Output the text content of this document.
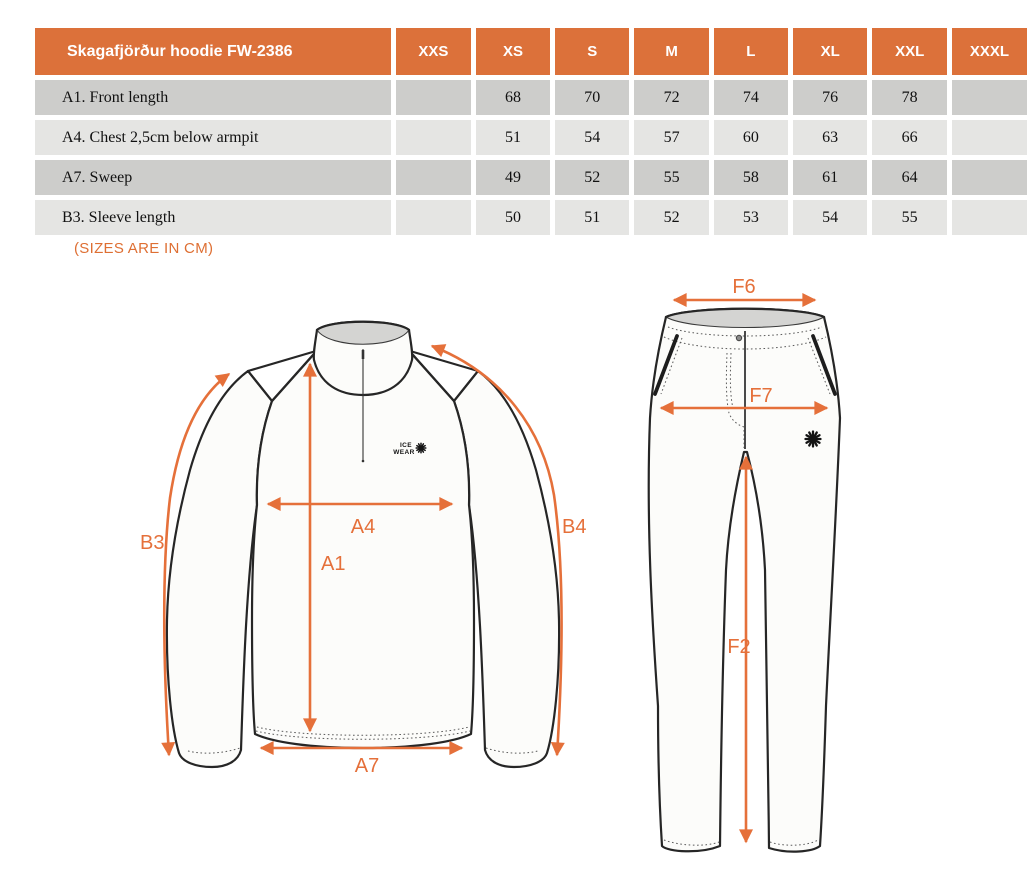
Skagafjörður hoodie FW-2386	XXS	XS	S	M	L	XL	XXL	XXXL
A1. Front length		68	70	72	74	76	78	
A4. Chest 2,5cm below armpit		51	54	57	60	63	66	
A7. Sweep		49	52	55	58	61	64	
B3. Sleeve length		50	51	52	53	54	55	
(SIZES ARE IN CM)
ICE
WEAR
B3
B4
A4
A1
A7
F6
F7
F2
